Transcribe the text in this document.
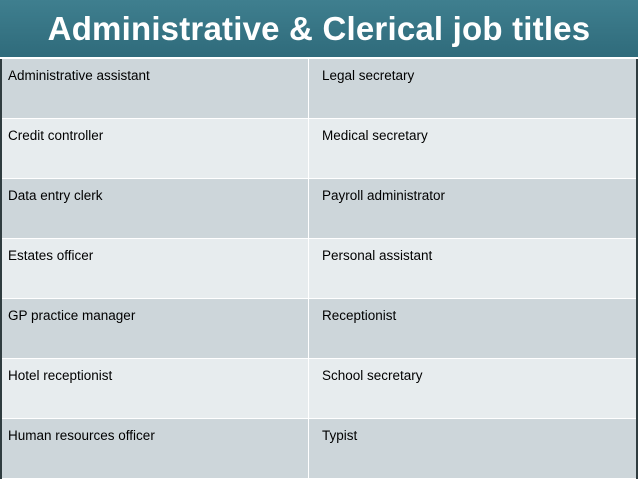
Administrative & Clerical job titles
Administrative assistant	Legal secretary
Credit controller	Medical secretary
Data entry clerk	Payroll administrator
Estates officer	Personal assistant
GP practice manager	Receptionist
Hotel receptionist	School secretary
Human resources officer	Typist
